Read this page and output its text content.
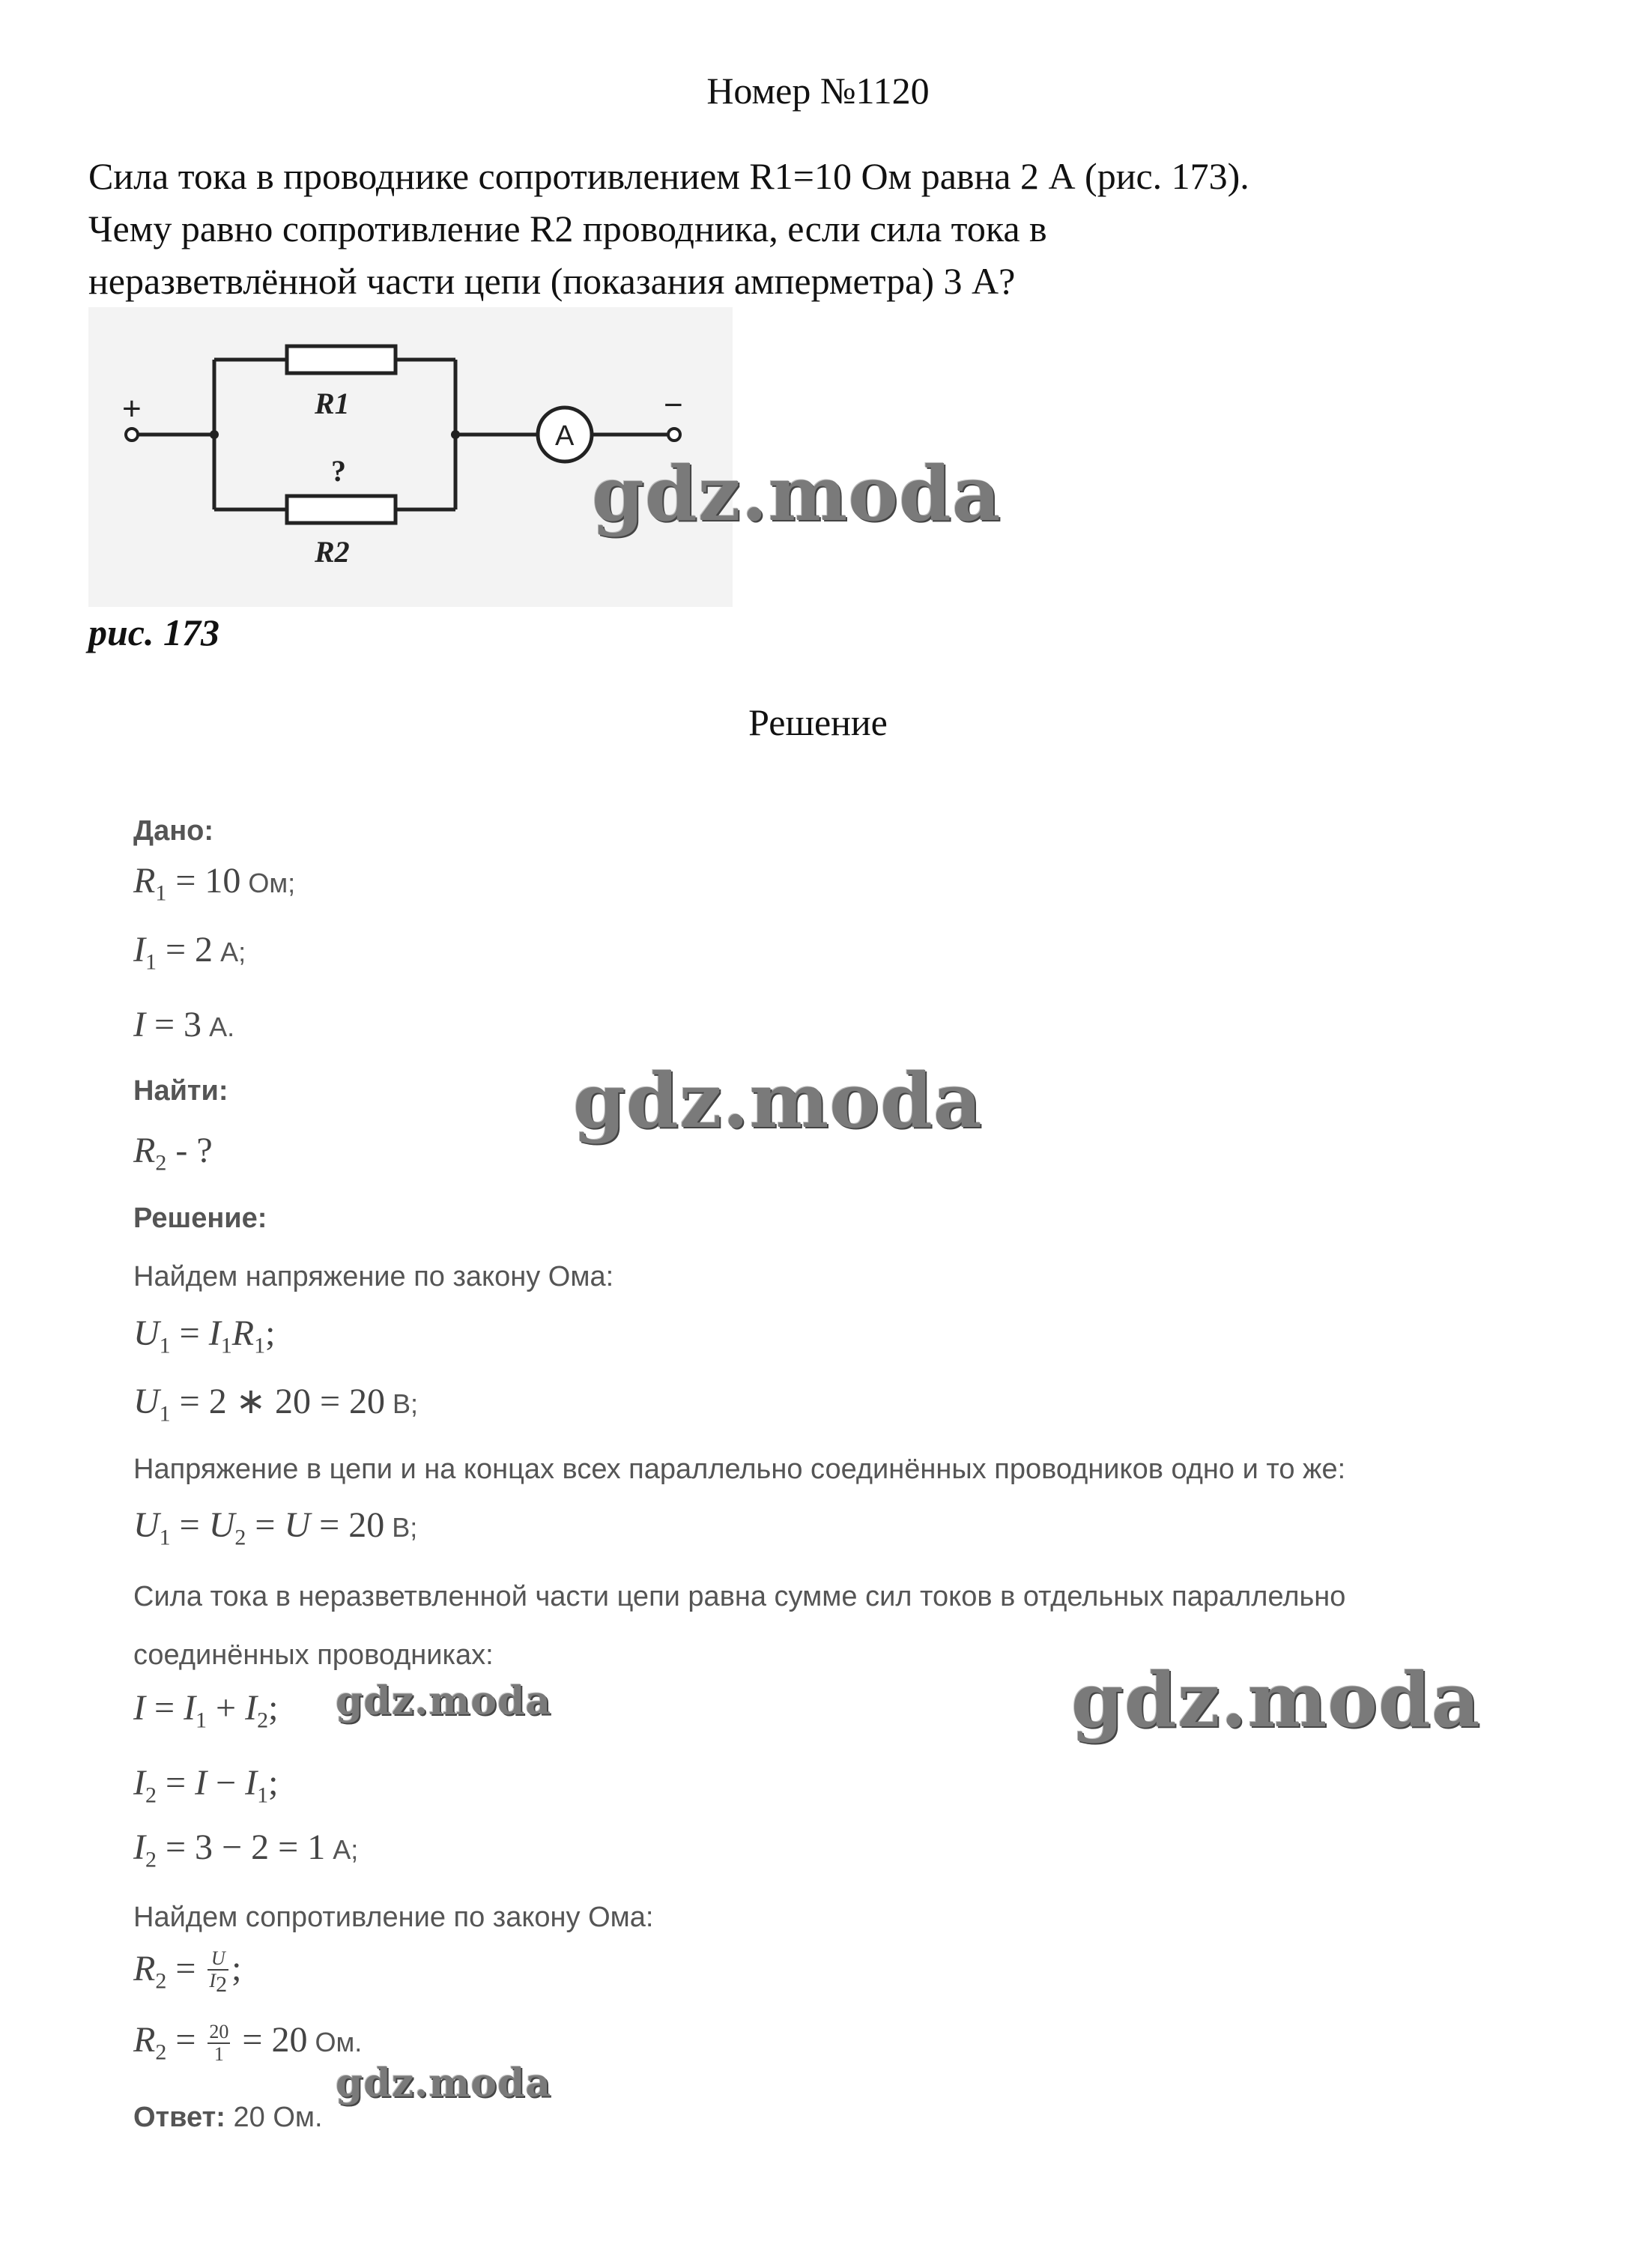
Номер №1120
Сила тока в проводнике сопротивлением R1=10 Ом равна 2 А (рис. 173).
Чему равно сопротивление R2 проводника, если сила тока в
неразветвлённой части цепи (показания амперметра) 3 А?
+	−
R1
?
R2
A
рис. 173
Решение
Дано:
$R_1 = 10$ Ом;
$I_1 = 2$ А;
I = 3 А.
Найти:
$R_2$ - ?
Решение:
Найдем напряжение по закону Ома:
$U_1 = I_1R_1$;
$U_1 = 2$ ∗ 20 = 20 В;
Напряжение в цепи и на концах всех параллельно соединённых проводников одно и то же:
$U_1 = U_2 = U = 20$ В;
Сила тока в неразветвленной части цепи равна сумме сил токов в отдельных параллельно
соединённых проводниках:
$I = I_1 + I_2$;
$I_2 = I - I_1$;
$I_2 = 3 - 2 = 1$ А;
Найдем сопротивление по закону Ома:
$R_2 = \frac{U}{I_2}$ ;
$R_2 = \frac{20}{1} = 20$ Ом.
Ответ: 20 Ом.
gdz.moda
gdz.moda
gdz.moda
gdz.moda
gdz.moda
